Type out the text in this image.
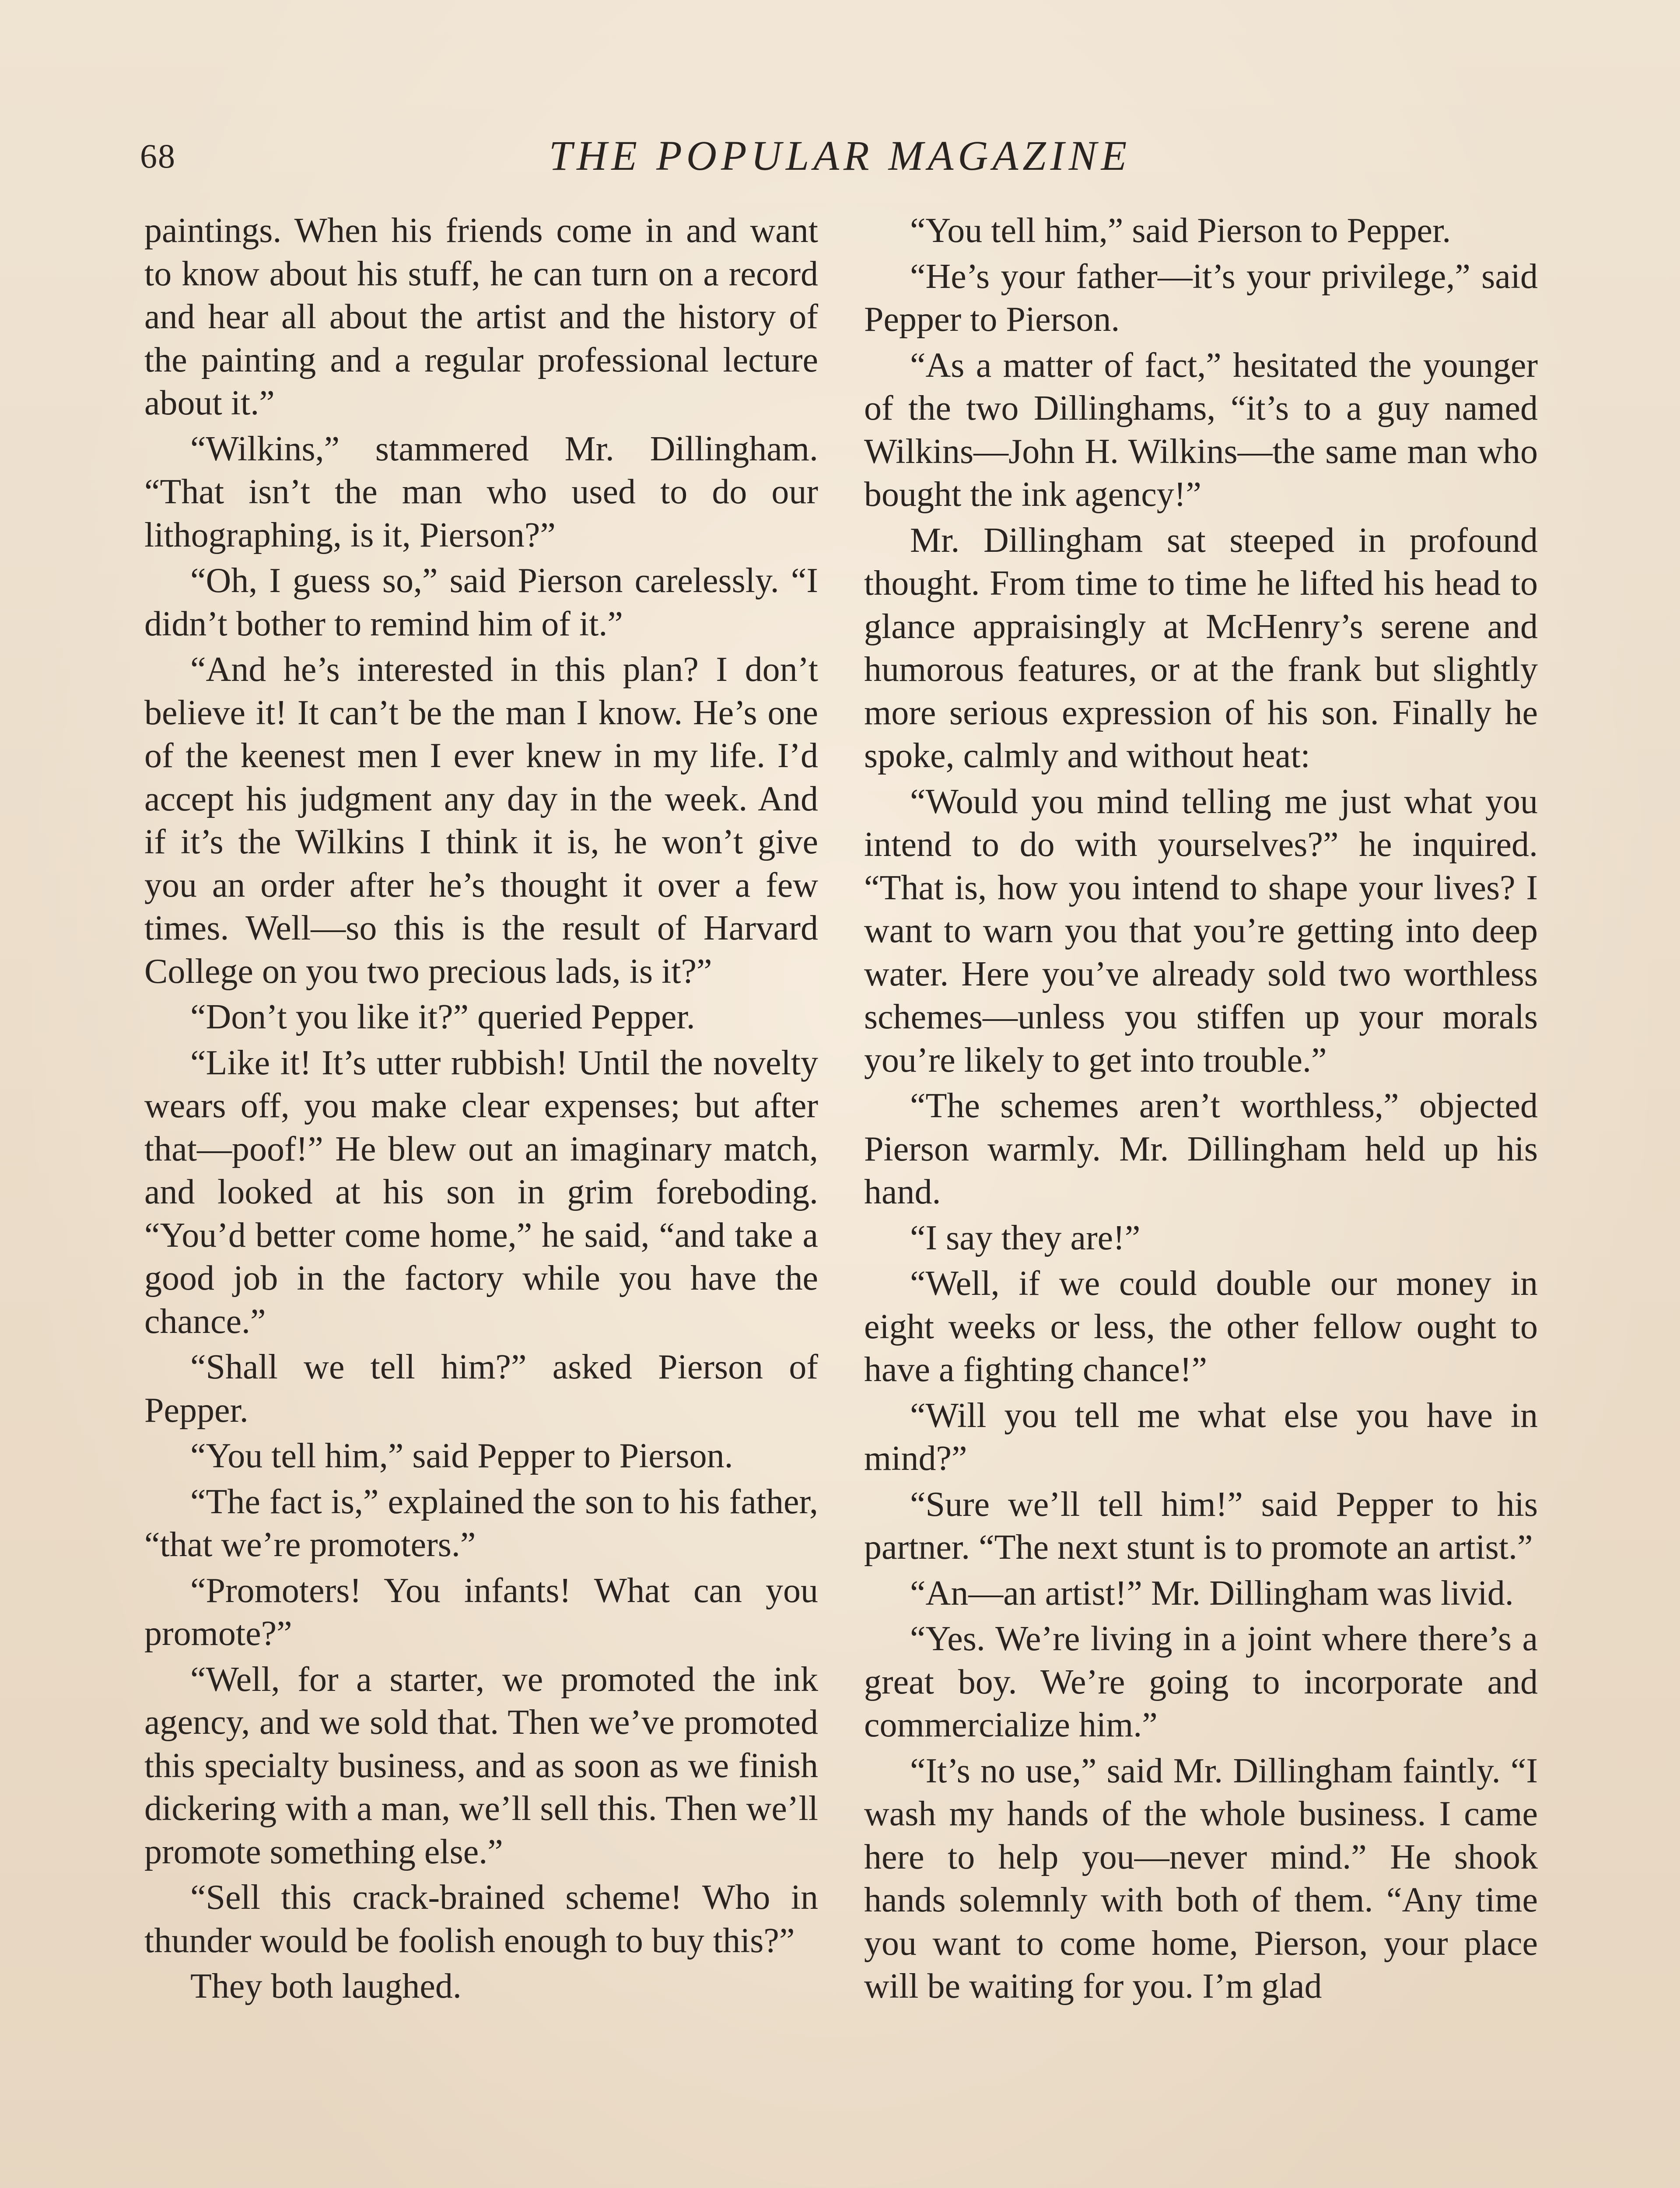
68	THE POPULAR MAGAZINE

paintings. When his friends come in and want to know about his stuff, he can turn on a record and hear all about the artist and the history of the painting and a regular professional lecture about it.”

“Wilkins,” stammered Mr. Dillingham. “That isn’t the man who used to do our lithographing, is it, Pierson?”

“Oh, I guess so,” said Pierson carelessly. “I didn’t bother to remind him of it.”

“And he’s interested in this plan? I don’t believe it! It can’t be the man I know. He’s one of the keenest men I ever knew in my life. I’d accept his judgment any day in the week. And if it’s the Wilkins I think it is, he won’t give you an order after he’s thought it over a few times. Well—so this is the result of Harvard College on you two precious lads, is it?”

“Don’t you like it?” queried Pepper.

“Like it! It’s utter rubbish! Until the novelty wears off, you make clear expenses; but after that—poof!” He blew out an imaginary match, and looked at his son in grim foreboding. “You’d better come home,” he said, “and take a good job in the factory while you have the chance.”

“Shall we tell him?” asked Pierson of Pepper.

“You tell him,” said Pepper to Pierson.

“The fact is,” explained the son to his father, “that we’re promoters.”

“Promoters! You infants! What can you promote?”

“Well, for a starter, we promoted the ink agency, and we sold that. Then we’ve promoted this specialty business, and as soon as we finish dickering with a man, we’ll sell this. Then we’ll promote something else.”

“Sell this crack-brained scheme! Who in thunder would be foolish enough to buy this?”

They both laughed.

“You tell him,” said Pierson to Pepper.

“He’s your father—it’s your privilege,” said Pepper to Pierson.

“As a matter of fact,” hesitated the younger of the two Dillinghams, “it’s to a guy named Wilkins—John H. Wilkins—the same man who bought the ink agency!”

Mr. Dillingham sat steeped in profound thought. From time to time he lifted his head to glance appraisingly at McHenry’s serene and humorous features, or at the frank but slightly more serious expression of his son. Finally he spoke, calmly and without heat:

“Would you mind telling me just what you intend to do with yourselves?” he inquired. “That is, how you intend to shape your lives? I want to warn you that you’re getting into deep water. Here you’ve already sold two worthless schemes—unless you stiffen up your morals you’re likely to get into trouble.”

“The schemes aren’t worthless,” objected Pierson warmly. Mr. Dillingham held up his hand.

“I say they are!”

“Well, if we could double our money in eight weeks or less, the other fellow ought to have a fighting chance!”

“Will you tell me what else you have in mind?”

“Sure we’ll tell him!” said Pepper to his partner. “The next stunt is to promote an artist.”

“An—an artist!” Mr. Dillingham was livid.

“Yes. We’re living in a joint where there’s a great boy. We’re going to incorporate and commercialize him.”

“It’s no use,” said Mr. Dillingham faintly. “I wash my hands of the whole business. I came here to help you—never mind.” He shook hands solemnly with both of them. “Any time you want to come home, Pierson, your place will be waiting for you. I’m glad
